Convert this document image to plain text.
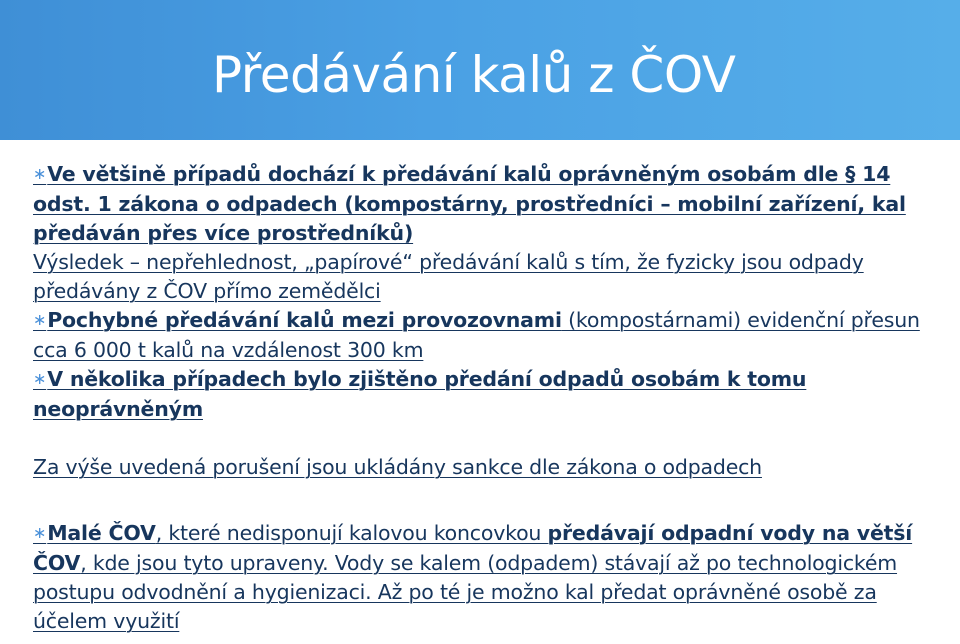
Předávání kalů z ČOV

∗Ve většině případů dochází k předávání kalů oprávněným osobám dle § 14 odst. 1 zákona o odpadech (kompostárny, prostředníci – mobilní zařízení, kal předáván přes více prostředníků)

Výsledek – nepřehlednost, „papírové“ předávání kalů s tím, že fyzicky jsou odpady předávány z ČOV přímo zemědělci

∗Pochybné předávání kalů mezi provozovnami (kompostárnami) evidenční přesun cca 6 000 t kalů na vzdálenost 300 km

∗V několika případech bylo zjištěno předání odpadů osobám k tomu neoprávněným

Za výše uvedená porušení jsou ukládány sankce dle zákona o odpadech

∗Malé ČOV, které nedisponují kalovou koncovkou předávají odpadní vody na větší ČOV, kde jsou tyto upraveny. Vody se kalem (odpadem) stávají až po technologickém postupu odvodnění a hygienizaci. Až po té je možno kal předat oprávněné osobě za účelem využití
